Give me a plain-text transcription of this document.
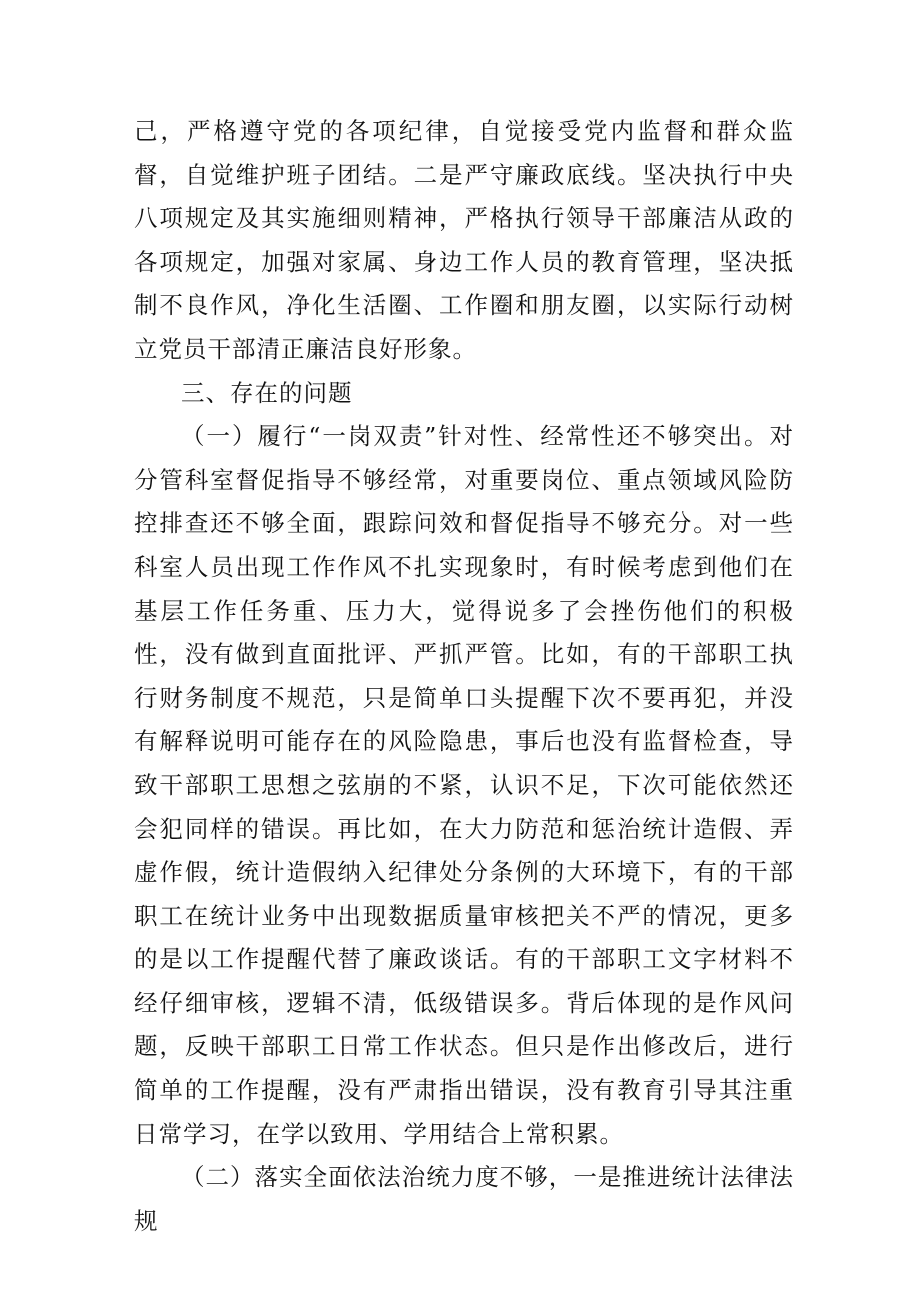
己，严格遵守党的各项纪律，自觉接受党内监督和群众监督，自觉维护班子团结。二是严守廉政底线。坚决执行中央八项规定及其实施细则精神，严格执行领导干部廉洁从政的各项规定，加强对家属、身边工作人员的教育管理，坚决抵制不良作风，净化生活圈、工作圈和朋友圈，以实际行动树立党员干部清正廉洁良好形象。

三、存在的问题

（一）履行“一岗双责”针对性、经常性还不够突出。对分管科室督促指导不够经常，对重要岗位、重点领域风险防控排查还不够全面，跟踪问效和督促指导不够充分。对一些科室人员出现工作作风不扎实现象时，有时候考虑到他们在基层工作任务重、压力大，觉得说多了会挫伤他们的积极性，没有做到直面批评、严抓严管。比如，有的干部职工执行财务制度不规范，只是简单口头提醒下次不要再犯，并没有解释说明可能存在的风险隐患，事后也没有监督检查，导致干部职工思想之弦崩的不紧，认识不足，下次可能依然还会犯同样的错误。再比如，在大力防范和惩治统计造假、弄虚作假，统计造假纳入纪律处分条例的大环境下，有的干部职工在统计业务中出现数据质量审核把关不严的情况，更多的是以工作提醒代替了廉政谈话。有的干部职工文字材料不经仔细审核，逻辑不清，低级错误多。背后体现的是作风问题，反映干部职工日常工作状态。但只是作出修改后，进行简单的工作提醒，没有严肃指出错误，没有教育引导其注重日常学习，在学以致用、学用结合上常积累。

（二）落实全面依法治统力度不够，一是推进统计法律法规
